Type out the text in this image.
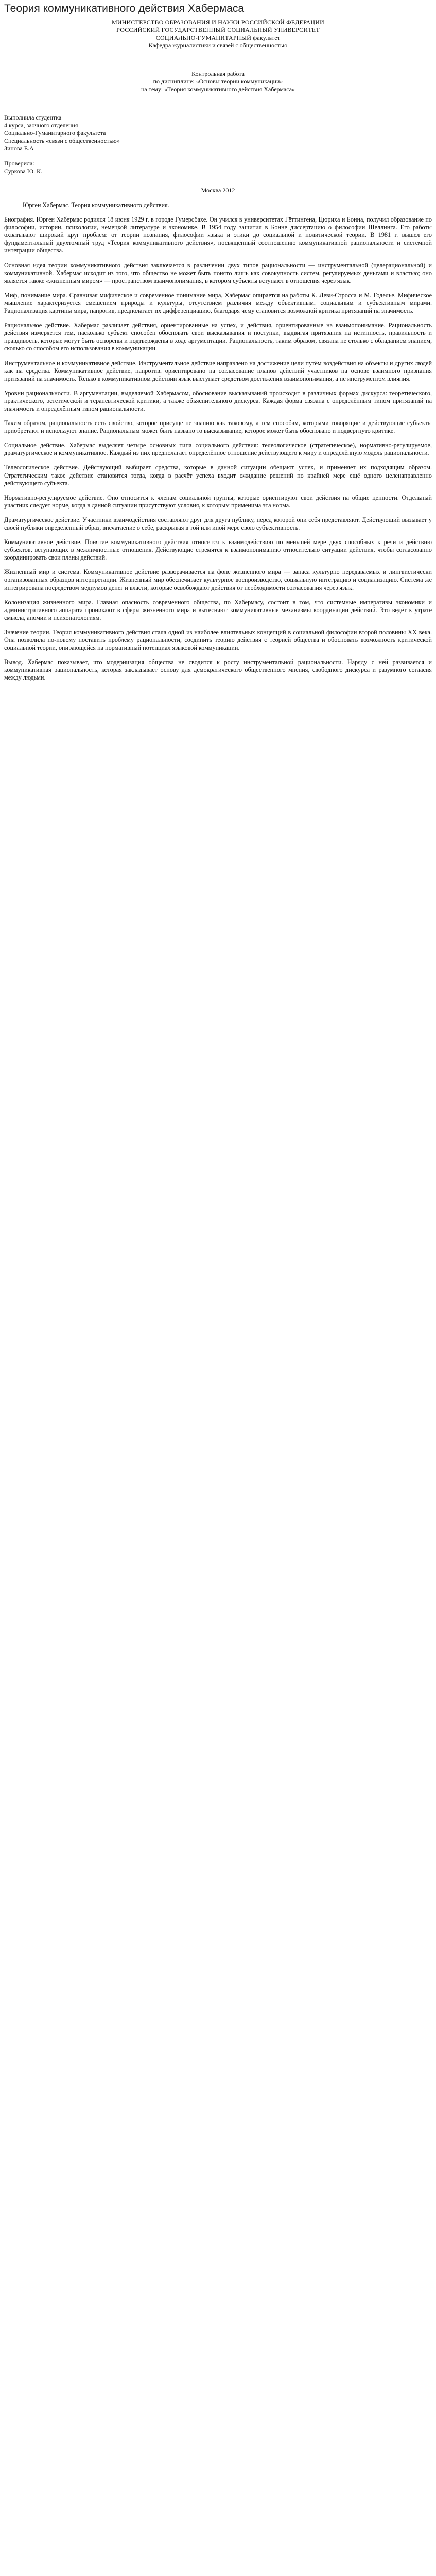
Теория коммуникативного действия Хабермаса

МИНИСТЕРСТВО ОБРАЗОВАНИЯ И НАУКИ РОССИЙСКОЙ ФЕДЕРАЦИИ

РОССИЙСКИЙ ГОСУДАРСТВЕННЫЙ СОЦИАЛЬНЫЙ УНИВЕРСИТЕТ

СОЦИАЛЬНО-ГУМАНИТАРНЫЙ факультет

Кафедра журналистики и связей с общественностью

Контрольная работа

по дисциплине: «Основы теории коммуникации»

на тему: «Теория коммуникативного действия Хабермаса»

Выполнила студентка

4 курса, заочного отделения

Социально-Гуманитарного факультета

Специальность «связи с общественностью»

Зинова Е.А

Проверила:

Суркова Ю. К.

Москва 2012

Юрген Хабермас. Теория коммуникативного действия.

Биография. Юрген Хабермас родился 18 июня 1929 г. в городе Гумерсбахе. Он учился в университетах Гёттингена, Цюриха и Бонна, получил образование по философии, истории, психологии, немецкой литературе и экономике. В 1954 году защитил в Бонне диссертацию о философии Шеллинга. Его работы охватывают широкий круг проблем: от теории познания, философии языка и этики до социальной и политической теории. В 1981 г. вышел его фундаментальный двухтомный труд «Теория коммуникативного действия», посвящённый соотношению коммуникативной рациональности и системной интеграции общества.

Основная идея теории коммуникативного действия заключается в различении двух типов рациональности — инструментальной (целерациональной) и коммуникативной. Хабермас исходит из того, что общество не может быть понято лишь как совокупность систем, регулируемых деньгами и властью; оно является также «жизненным миром» — пространством взаимопонимания, в котором субъекты вступают в отношения через язык.

Миф, понимание мира. Сравнивая мифическое и современное понимание мира, Хабермас опирается на работы К. Леви-Стросса и М. Годелье. Мифическое мышление характеризуется смешением природы и культуры, отсутствием различия между объективным, социальным и субъективным мирами. Рационализация картины мира, напротив, предполагает их дифференциацию, благодаря чему становится возможной критика притязаний на значимость.

Рациональное действие. Хабермас различает действия, ориентированные на успех, и действия, ориентированные на взаимопонимание. Рациональность действия измеряется тем, насколько субъект способен обосновать свои высказывания и поступки, выдвигая притязания на истинность, правильность и правдивость, которые могут быть оспорены и подтверждены в ходе аргументации. Рациональность, таким образом, связана не столько с обладанием знанием, сколько со способом его использования в коммуникации.

Инструментальное и коммуникативное действие. Инструментальное действие направлено на достижение цели путём воздействия на объекты и других людей как на средства. Коммуникативное действие, напротив, ориентировано на согласование планов действий участников на основе взаимного признания притязаний на значимость. Только в коммуникативном действии язык выступает средством достижения взаимопонимания, а не инструментом влияния.

Уровни рациональности. В аргументации, выделяемой Хабермасом, обоснование высказываний происходит в различных формах дискурса: теоретического, практического, эстетической и терапевтической критики, а также объяснительного дискурса. Каждая форма связана с определённым типом притязаний на значимость и определённым типом рациональности.

Таким образом, рациональность есть свойство, которое присуще не знанию как таковому, а тем способам, которыми говорящие и действующие субъекты приобретают и используют знание. Рациональным может быть названо то высказывание, которое может быть обосновано и подвергнуто критике.

Социальное действие. Хабермас выделяет четыре основных типа социального действия: телеологическое (стратегическое), нормативно-регулируемое, драматургическое и коммуникативное. Каждый из них предполагает определённое отношение действующего к миру и определённую модель рациональности.

Телеологическое действие. Действующий выбирает средства, которые в данной ситуации обещают успех, и применяет их подходящим образом. Стратегическим такое действие становится тогда, когда в расчёт успеха входит ожидание решений по крайней мере ещё одного целенаправленно действующего субъекта.

Нормативно-регулируемое действие. Оно относится к членам социальной группы, которые ориентируют свои действия на общие ценности. Отдельный участник следует норме, когда в данной ситуации присутствуют условия, к которым применима эта норма.

Драматургическое действие. Участники взаимодействия составляют друг для друга публику, перед которой они себя представляют. Действующий вызывает у своей публики определённый образ, впечатление о себе, раскрывая в той или иной мере свою субъективность.

Коммуникативное действие. Понятие коммуникативного действия относится к взаимодействию по меньшей мере двух способных к речи и действию субъектов, вступающих в межличностные отношения. Действующие стремятся к взаимопониманию относительно ситуации действия, чтобы согласованно координировать свои планы действий.

Жизненный мир и система. Коммуникативное действие разворачивается на фоне жизненного мира — запаса культурно передаваемых и лингвистически организованных образцов интерпретации. Жизненный мир обеспечивает культурное воспроизводство, социальную интеграцию и социализацию. Система же интегрирована посредством медиумов денег и власти, которые освобождают действия от необходимости согласования через язык.

Колонизация жизненного мира. Главная опасность современного общества, по Хабермасу, состоит в том, что системные императивы экономики и административного аппарата проникают в сферы жизненного мира и вытесняют коммуникативные механизмы координации действий. Это ведёт к утрате смысла, аномии и психопатологиям.

Значение теории. Теория коммуникативного действия стала одной из наиболее влиятельных концепций в социальной философии второй половины XX века. Она позволила по-новому поставить проблему рациональности, соединить теорию действия с теорией общества и обосновать возможность критической социальной теории, опирающейся на нормативный потенциал языковой коммуникации.

Вывод. Хабермас показывает, что модернизация общества не сводится к росту инструментальной рациональности. Наряду с ней развивается и коммуникативная рациональность, которая закладывает основу для демократического общественного мнения, свободного дискурса и разумного согласия между людьми.
